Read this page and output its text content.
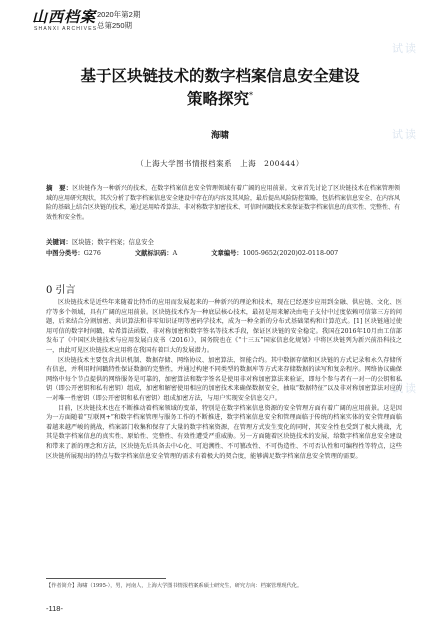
山西档案
SHANXI ARCHIVES
2020年第2期
总第250期
试读
试读
试读
基于区块链技术的数字档案信息安全建设
策略探究*
海啸
（上海大学图书情报档案系　上海　200444）
摘　要：区块链作为一种新兴的技术，在数字档案信息安全管理领域有着广阔的应用前景。文章首先讨论了区块链技术在档案管理领域的应用研究现状，其次分析了数字档案信息安全建设中存在的内容及其风险，最后提出风险防控策略，包括档案信息安全、在内容风险的基础上结合区块链的技术，通过运用哈希算法、非对称数字加密技术、可信时间戳技术来保证数字档案信息的真实性、完整性、有效性和安全性。
关键词：区块链；数字档案；信息安全
中图分类号：G276	文献标识码：A	文章编号：1005-9652(2020)02-0118-007
0 引言

区块链技术是近些年来随着比特币的应用而发展起来的一种新兴的理论和技术，现在已经逐步应用到金融、供应链、文化、医疗等多个领域，具有广阔的应用前景。区块链技术作为一种底层核心技术，最初是用来解决由电子支付中过度依赖可信第三方的问题，后来结合分割加密、共识算法和非零知识证明等密码学技术，成为一种全新的分布式基础架构和计算范式。[1] 区块链通过使用可信的数字时间戳、哈希算法函数、非对称加密和数字签名等技术手段，保证区块链的安全稳定。我国在2016年10月由工信部发布了《中国区块链技术与应用发展白皮书（2016）》，国务院也在《“十三五”国家信息化规划》中将区块链列为新兴前沿科技之一，由此可见区块链技术应用将在我国有着巨大的发展潜力。

区块链技术主要包含共识机制、数据存储、网络协议、加密算法、智能合约。其中数据存储和区块链的方式记录和永久存储所有信息，并利用时间戳特性保证数据的完整性，并通过构建不同类型的数据库等方式来存储数据的读写和复杂程序。网络协议确保网络中每个节点提供的网络服务是可靠的，加密算法和数字签名是使用非对称加密算法来验证，即每个参与者有一对一的公钥和私钥（即公开密钥和私有密钥）组成，加密和解密使用相应的加密技术来确保数据安全，抽取“数据特征”以及非对称加密算法对应的一对唯一性密钥（即公开密钥和私有密钥）组成加密方法，与用户实现安全信息交户。

目前，区块链技术也在不断推动着档案领域的变革，特别是在数字档案信息资源的安全管理方面有着广阔的应用前景。这是因为一方面随着“互联网+”和数字档案管理与服务工作的不断推进，数字档案信息安全和管理面临于传统的档案实体的安全管理面临着越来越严峻的挑战，档案部门收集和保存了大量的数字档案资源，在管理方式发生变化的同时，其安全性也受到了极大挑战，尤其是数字档案信息的真实性、原始性、完整性、有效性遭受严重威胁。另一方面随着区块链技术的发展，给数字档案信息安全建设和带来了新的理念和方法，区块链先后具备去中心化、可追溯性、不可篡改性、不可伪造性、不可否认性和可编程性等特点，这些区块链所展现出的特点与数字档案信息安全管理的需求有着极大的契合度，能够满足数字档案信息安全管理的需要。

【作者简介】海啸（1995-），男，河南人，上海大学图书情报档案系硕士研究生，研究方向：档案管理现代化。
-118-
